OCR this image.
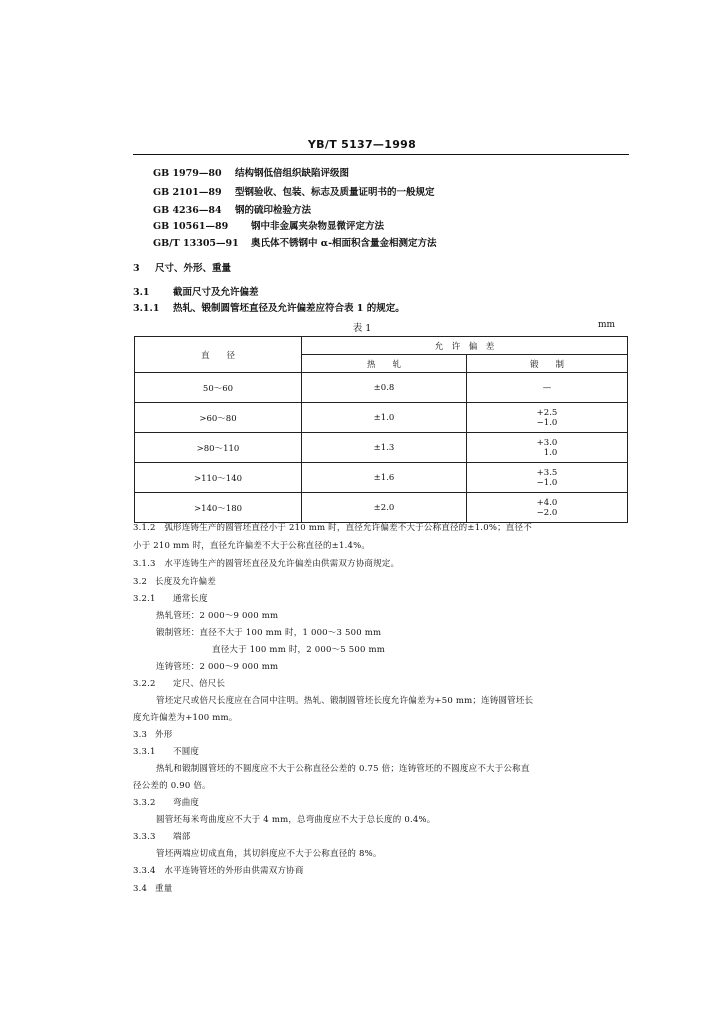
YB/T 5137—1998
GB 1979—80 结构钢低倍组织缺陷评级图
GB 2101—89 型钢验收、包装、标志及质量证明书的一般规定
GB 4236—84 钢的硫印检验方法
GB 10561—89 钢中非金属夹杂物显微评定方法
GB/T 13305—91 奥氏体不锈钢中 α-相面积含量金相测定方法
3 尺寸、外形、重量
3.1 截面尺寸及允许偏差
3.1.1 热轧、锻制圆管坯直径及允许偏差应符合表 1 的规定。
表 1	mm
直　　径	允　许　偏　差	
	热　　轧	锻　　制
50～60	±0.8	—
>60～80	±1.0	+2.5
−1.0
>80～110	±1.3	+3.0
1.0
>110～140	±1.6	+3.5
−1.0
>140～180	±2.0	+4.0
−2.0
3.1.2　弧形连铸生产的圆管坯直径小于 210 mm 时，直径允许偏差不大于公称直径的±1.0%；直径不
小于 210 mm 时，直径允许偏差不大于公称直径的±1.4%。
3.1.3　水平连铸生产的圆管坯直径及允许偏差由供需双方协商规定。
3.2 长度及允许偏差
3.2.1 通常长度
热轧管坯：2 000～9 000 mm
锻制管坯：直径不大于 100 mm 时，1 000～3 500 mm
直径大于 100 mm 时，2 000～5 500 mm
连铸管坯：2 000～9 000 mm
3.2.2 定尺、倍尺长
管坯定尺或倍尺长度应在合同中注明。热轧、锻制圆管坯长度允许偏差为+50 mm；连铸圆管坯长
度允许偏差为+100 mm。
3.3 外形
3.3.1 不圆度
热轧和锻制圆管坯的不圆度应不大于公称直径公差的 0.75 倍；连铸管坯的不圆度应不大于公称直
径公差的 0.90 倍。
3.3.2 弯曲度
圆管坯每米弯曲度应不大于 4 mm，总弯曲度应不大于总长度的 0.4%。
3.3.3 端部
管坯两端应切成直角，其切斜度应不大于公称直径的 8%。
3.3.4　水平连铸管坯的外形由供需双方协商
3.4 重量
